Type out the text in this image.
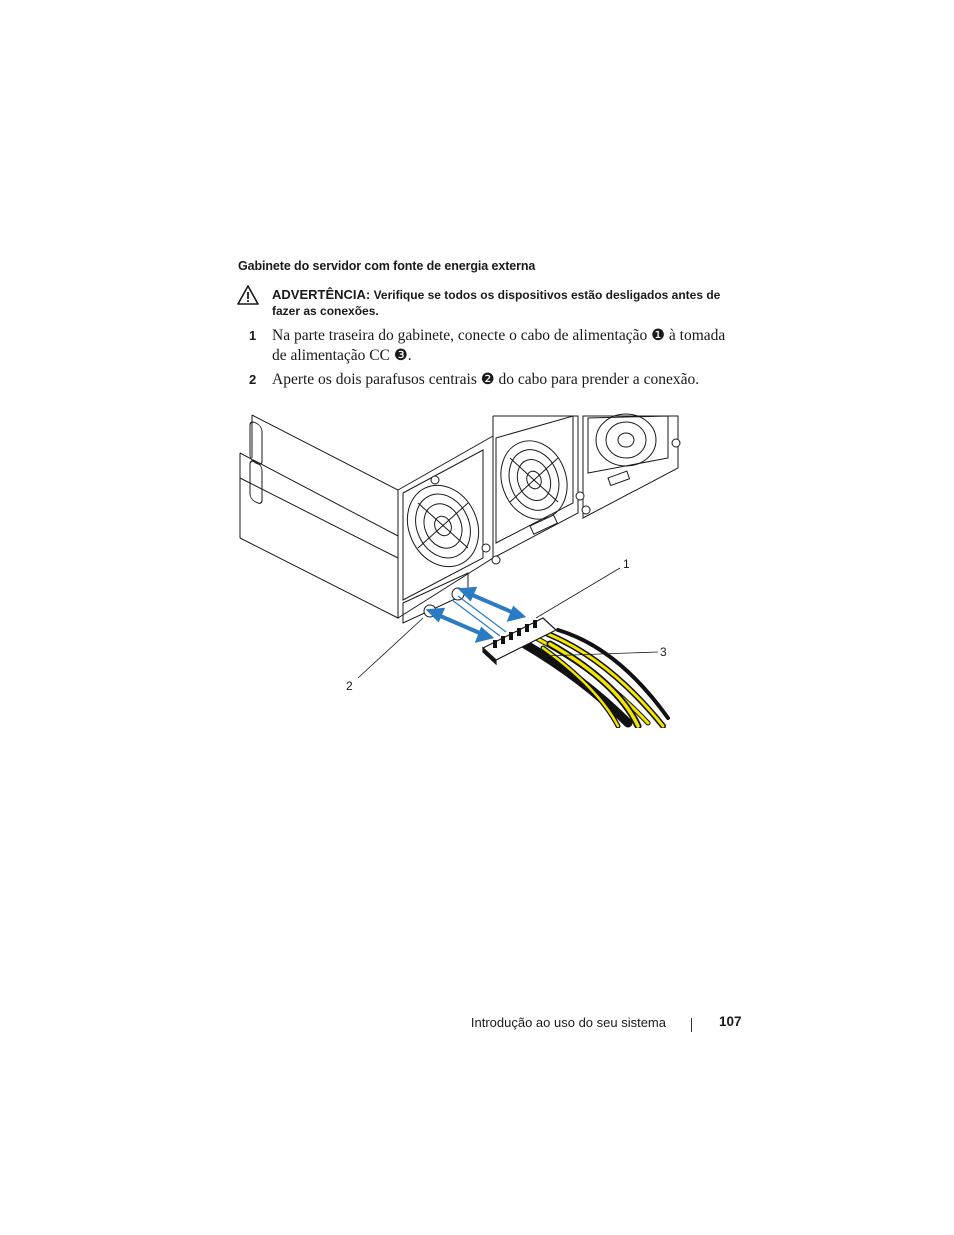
Gabinete do servidor com fonte de energia externa
ADVERTÊNCIA: Verifique se todos os dispositivos estão desligados antes de fazer as conexões.
1 Na parte traseira do gabinete, conecte o cabo de alimentação ❶ à tomada de alimentação CC ❸.
2 Aperte os dois parafusos centrais ❷ do cabo para prender a conexão.
1
3
2
Introdução ao uso do seu sistema	107
